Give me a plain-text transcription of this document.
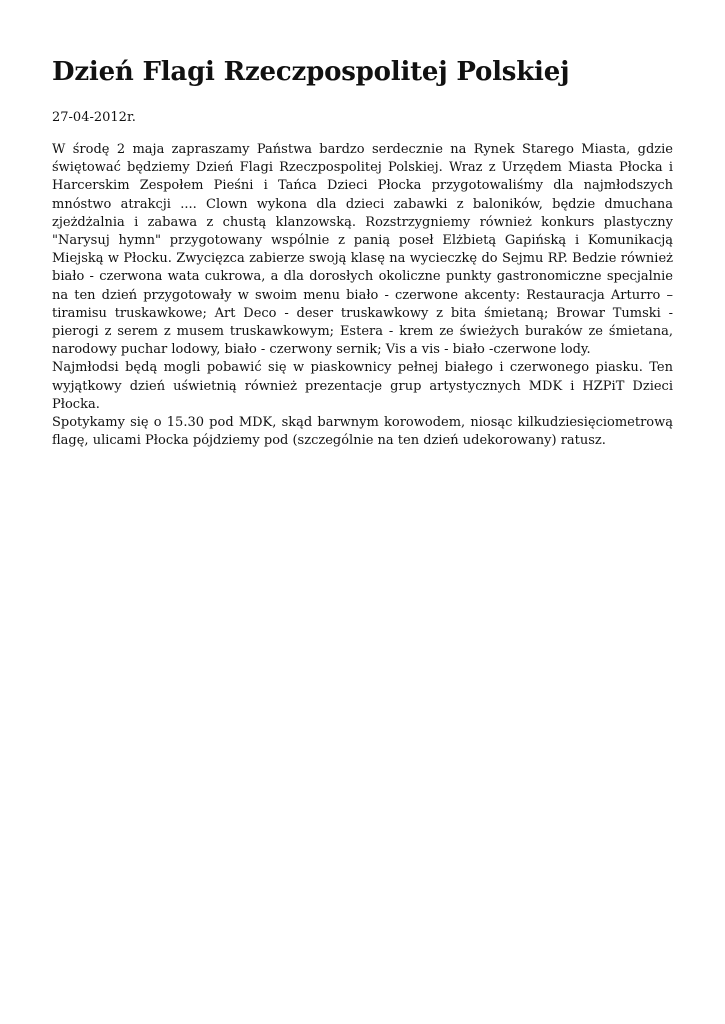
Dzień Flagi Rzeczpospolitej Polskiej
27-04-2012r.

W środę 2 maja zapraszamy Państwa bardzo serdecznie na Rynek Starego Miasta, gdzie świętować będziemy Dzień Flagi Rzeczpospolitej Polskiej. Wraz z Urzędem Miasta Płocka i Harcerskim Zespołem Pieśni i Tańca Dzieci Płocka przygotowaliśmy dla najmłodszych mnóstwo atrakcji .... Clown wykona dla dzieci zabawki z baloników, będzie dmuchana zjeżdżalnia i zabawa z chustą klanzowską. Rozstrzygniemy również konkurs plastyczny "Narysuj hymn" przygotowany wspólnie z panią poseł Elżbietą Gapińską i Komunikacją Miejską w Płocku. Zwycięzca zabierze swoją klasę na wycieczkę do Sejmu RP. Bedzie również biało - czerwona wata cukrowa, a dla dorosłych okoliczne punkty gastronomiczne specjalnie na ten dzień przygotowały w swoim menu biało - czerwone akcenty: Restauracja Arturro – tiramisu truskawkowe; Art Deco - deser truskawkowy z bita śmietaną; Browar Tumski - pierogi z serem z musem truskawkowym; Estera - krem ze świeżych buraków ze śmietana, narodowy puchar lodowy, biało - czerwony sernik; Vis a vis - biało -czerwone lody.

Najmłodsi będą mogli pobawić się w piaskownicy pełnej białego i czerwonego piasku. Ten wyjątkowy dzień uświetnią również prezentacje grup artystycznych MDK i HZPiT Dzieci Płocka.

Spotykamy się o 15.30 pod MDK, skąd barwnym korowodem, niosąc kilkudziesięciometrową flagę, ulicami Płocka pójdziemy pod (szczególnie na ten dzień udekorowany) ratusz.
